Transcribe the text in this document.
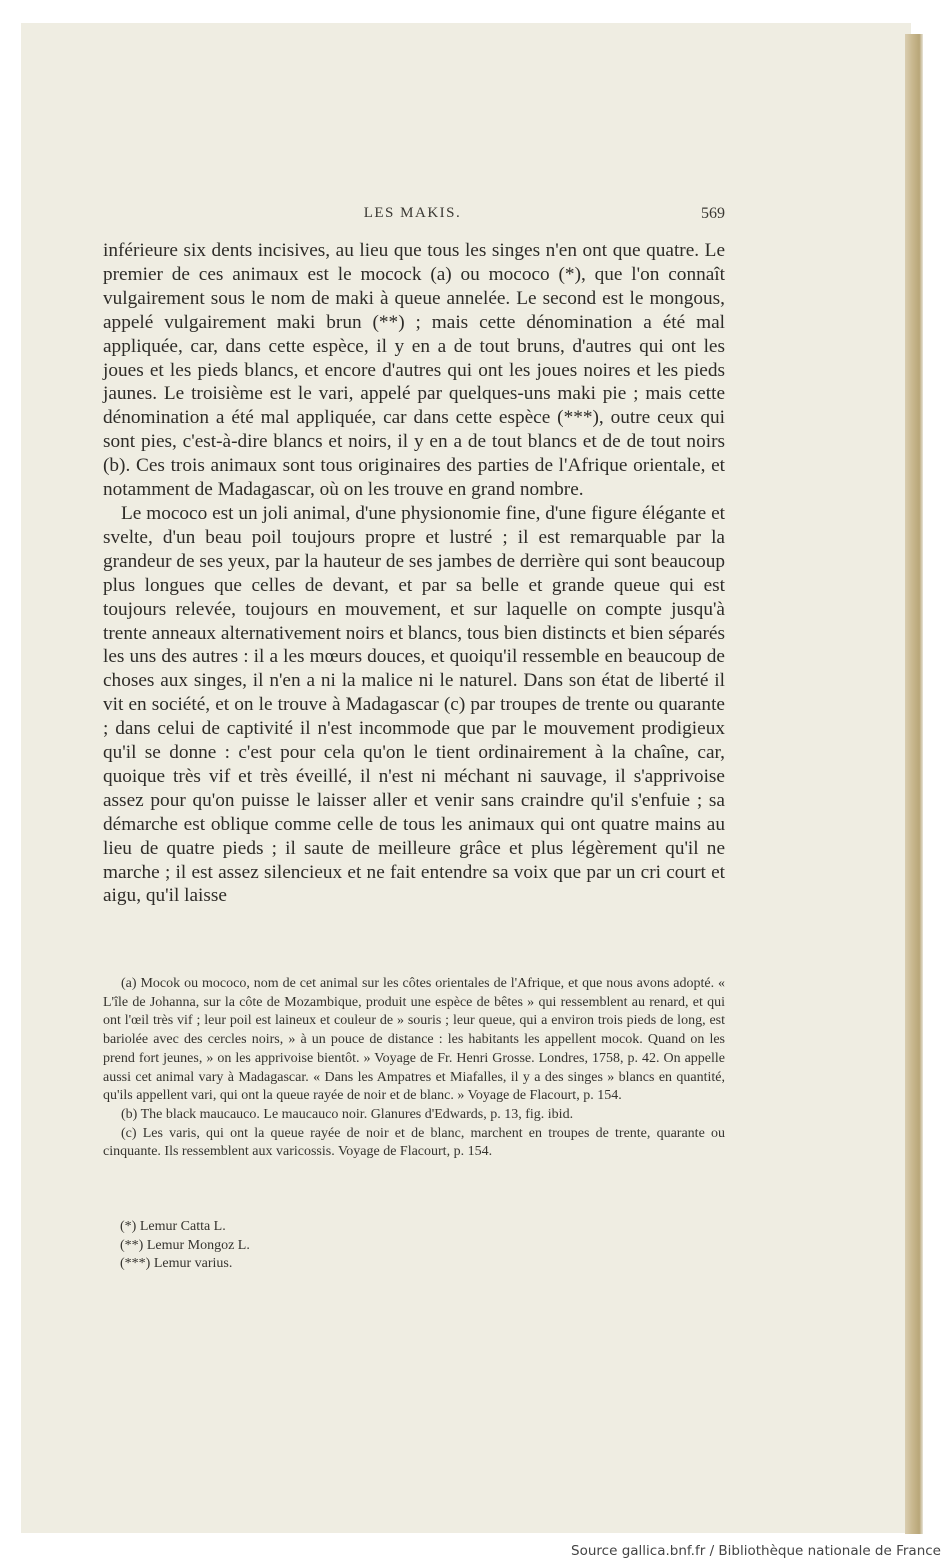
LES MAKIS.	569

inférieure six dents incisives, au lieu que tous les singes n'en ont que quatre. Le premier de ces animaux est le mocock (a) ou mococo (*), que l'on connaît vulgairement sous le nom de maki à queue annelée. Le second est le mongous, appelé vulgairement maki brun (**) ; mais cette dénomination a été mal appliquée, car, dans cette espèce, il y en a de tout bruns, d'autres qui ont les joues et les pieds blancs, et encore d'autres qui ont les joues noires et les pieds jaunes. Le troisième est le vari, appelé par quelques-uns maki pie ; mais cette dénomination a été mal appliquée, car dans cette espèce (***), outre ceux qui sont pies, c'est-à-dire blancs et noirs, il y en a de tout blancs et de de tout noirs (b). Ces trois animaux sont tous originaires des parties de l'Afrique orientale, et notamment de Madagascar, où on les trouve en grand nombre.

Le mococo est un joli animal, d'une physionomie fine, d'une figure élégante et svelte, d'un beau poil toujours propre et lustré ; il est remarquable par la grandeur de ses yeux, par la hauteur de ses jambes de derrière qui sont beaucoup plus longues que celles de devant, et par sa belle et grande queue qui est toujours relevée, toujours en mouvement, et sur laquelle on compte jusqu'à trente anneaux alternativement noirs et blancs, tous bien distincts et bien séparés les uns des autres : il a les mœurs douces, et quoiqu'il ressemble en beaucoup de choses aux singes, il n'en a ni la malice ni le naturel. Dans son état de liberté il vit en société, et on le trouve à Madagascar (c) par troupes de trente ou quarante ; dans celui de captivité il n'est incommode que par le mouvement prodigieux qu'il se donne : c'est pour cela qu'on le tient ordinairement à la chaîne, car, quoique très vif et très éveillé, il n'est ni méchant ni sauvage, il s'apprivoise assez pour qu'on puisse le laisser aller et venir sans craindre qu'il s'enfuie ; sa démarche est oblique comme celle de tous les animaux qui ont quatre mains au lieu de quatre pieds ; il saute de meilleure grâce et plus légèrement qu'il ne marche ; il est assez silencieux et ne fait entendre sa voix que par un cri court et aigu, qu'il laisse

(a) Mocok ou mococo, nom de cet animal sur les côtes orientales de l'Afrique, et que nous avons adopté. « L'île de Johanna, sur la côte de Mozambique, produit une espèce de bêtes » qui ressemblent au renard, et qui ont l'œil très vif ; leur poil est laineux et couleur de » souris ; leur queue, qui a environ trois pieds de long, est bariolée avec des cercles noirs, » à un pouce de distance : les habitants les appellent mocok. Quand on les prend fort jeunes, » on les apprivoise bientôt. » Voyage de Fr. Henri Grosse. Londres, 1758, p. 42. On appelle aussi cet animal vary à Madagascar. « Dans les Ampatres et Miafalles, il y a des singes » blancs en quantité, qu'ils appellent vari, qui ont la queue rayée de noir et de blanc. » Voyage de Flacourt, p. 154.

(b) The black maucauco. Le maucauco noir. Glanures d'Edwards, p. 13, fig. ibid.

(c) Les varis, qui ont la queue rayée de noir et de blanc, marchent en troupes de trente, quarante ou cinquante. Ils ressemblent aux varicossis. Voyage de Flacourt, p. 154.

(*) Lemur Catta L.

(**) Lemur Mongoz L.

(***) Lemur varius.

Source gallica.bnf.fr / Bibliothèque nationale de France
